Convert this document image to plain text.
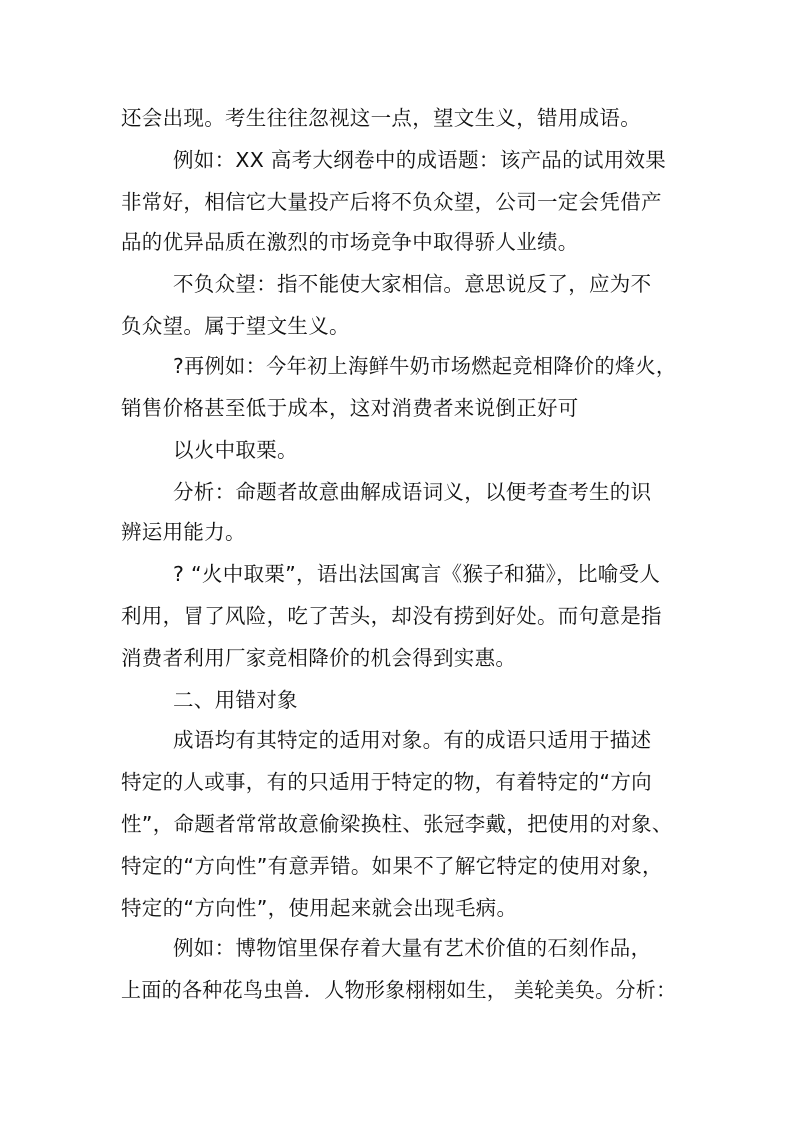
还会出现。考生往往忽视这一点，望文生义，错用成语。
例如：XX 高考大纲卷中的成语题：该产品的试用效果
非常好，相信它大量投产后将不负众望，公司一定会凭借产
品的优异品质在激烈的市场竞争中取得骄人业绩。
不负众望：指不能使大家相信。意思说反了，应为不
负众望。属于望文生义。
?再例如：今年初上海鲜牛奶市场燃起竞相降价的烽火，
销售价格甚至低于成本，这对消费者来说倒正好可
以火中取栗。
分析：命题者故意曲解成语词义，以便考查考生的识
辨运用能力。
? “火中取栗”，语出法国寓言《猴子和猫》，比喻受人
利用，冒了风险，吃了苦头，却没有捞到好处。而句意是指
消费者利用厂家竞相降价的机会得到实惠。
二、用错对象
成语均有其特定的适用对象。有的成语只适用于描述
特定的人或事，有的只适用于特定的物，有着特定的“方向
性”，命题者常常故意偷梁换柱、张冠李戴，把使用的对象、
特定的“方向性”有意弄错。如果不了解它特定的使用对象，
特定的“方向性”，使用起来就会出现毛病。
例如：博物馆里保存着大量有艺术价值的石刻作品，
上面的各种花鸟虫兽．人物形象栩栩如生， 美轮美奂。分析：
